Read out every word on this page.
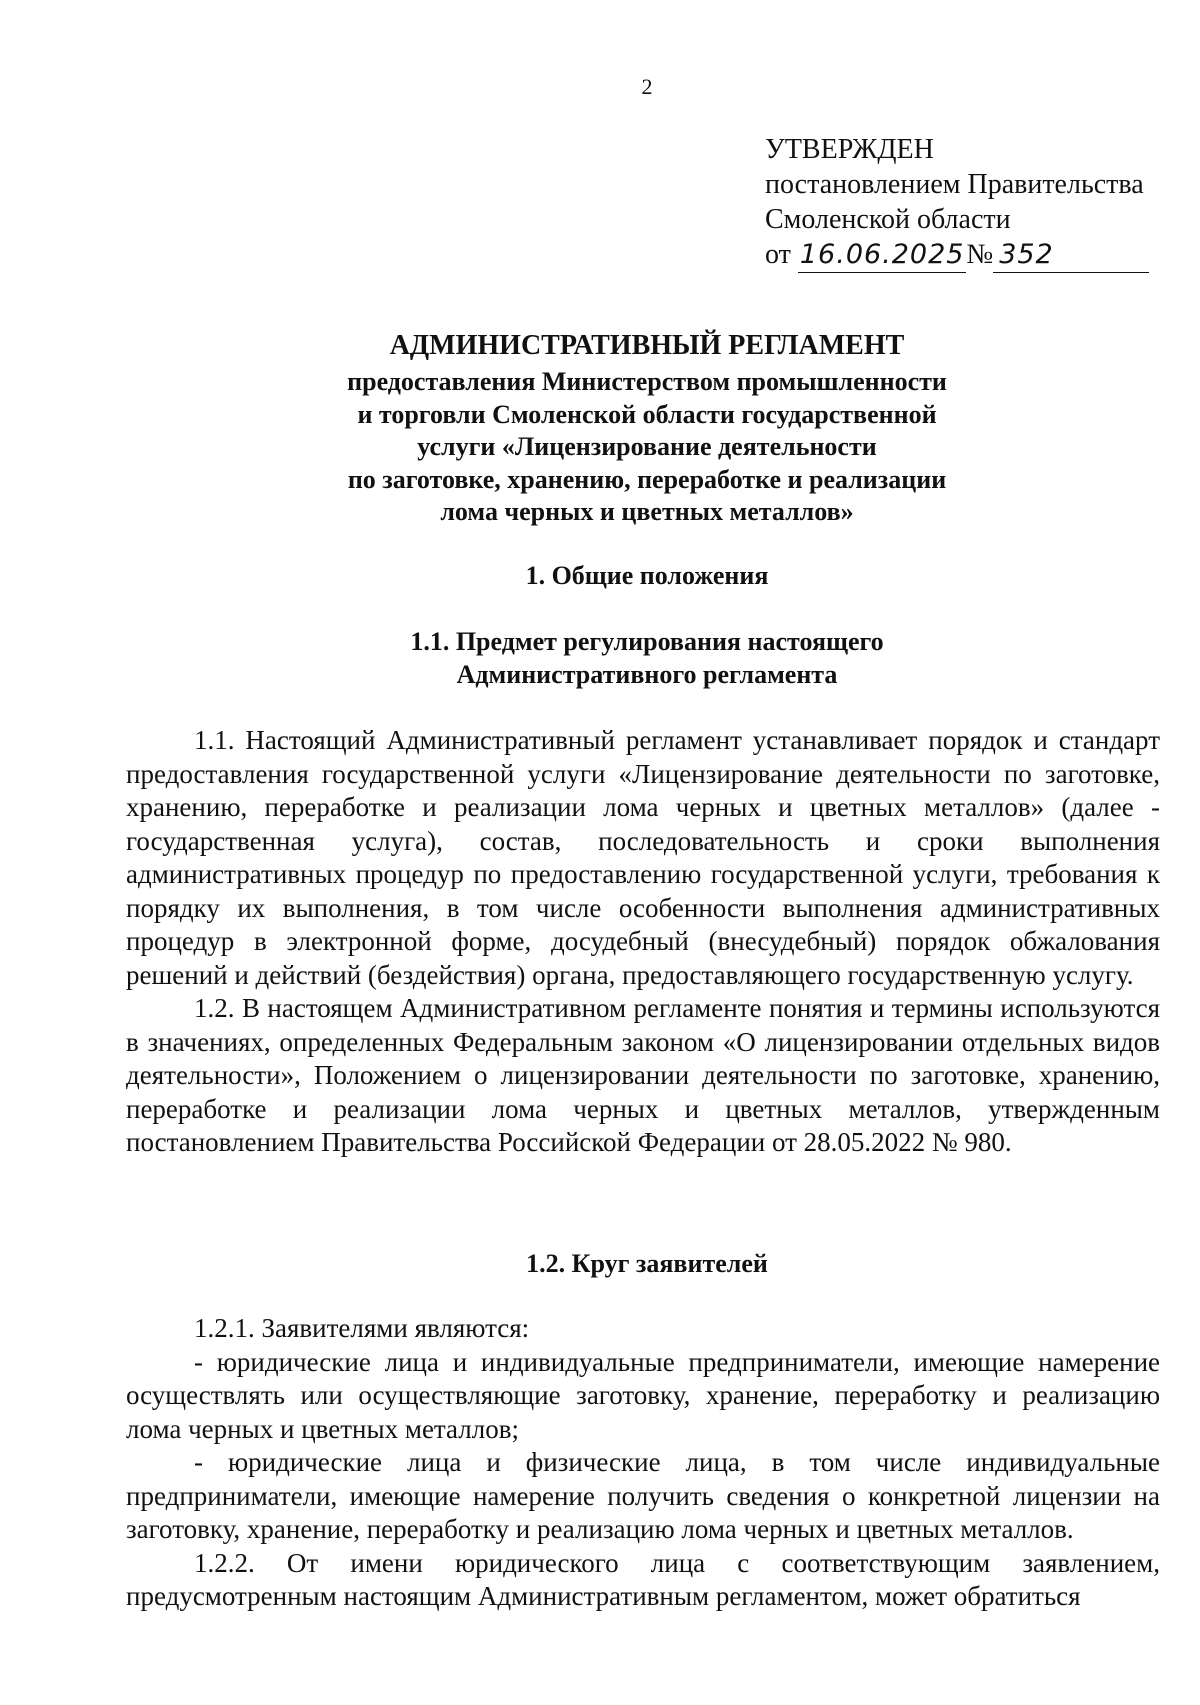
2
УТВЕРЖДЕН
постановлением Правительства
Смоленской области
от 16.06.2025№ 352
АДМИНИСТРАТИВНЫЙ РЕГЛАМЕНТ
предоставления Министерством промышленности
и торговли Смоленской области государственной
услуги «Лицензирование деятельности
по заготовке, хранению, переработке и реализации
лома черных и цветных металлов»
1. Общие положения
1.1. Предмет регулирования настоящего
Административного регламента

1.1. Настоящий Административный регламент устанавливает порядок и стандарт предоставления государственной услуги «Лицензирование деятельности по заготовке, хранению, переработке и реализации лома черных и цветных металлов» (далее - государственная услуга), состав, последовательность и сроки выполнения административных процедур по предоставлению государственной услуги, требования к порядку их выполнения, в том числе особенности выполнения административных процедур в электронной форме, досудебный (внесудебный) порядок обжалования решений и действий (бездействия) органа, предоставляющего государственную услугу.

1.2. В настоящем Административном регламенте понятия и термины используются в значениях, определенных Федеральным законом «О лицензировании отдельных видов деятельности», Положением о лицензировании деятельности по заготовке, хранению, переработке и реализации лома черных и цветных металлов, утвержденным постановлением Правительства Российской Федерации от 28.05.2022 № 980.

1.2. Круг заявителей

1.2.1. Заявителями являются:

- юридические лица и индивидуальные предприниматели, имеющие намерение осуществлять или осуществляющие заготовку, хранение, переработку и реализацию лома черных и цветных металлов;

- юридические лица и физические лица, в том числе индивидуальные предприниматели, имеющие намерение получить сведения о конкретной лицензии на заготовку, хранение, переработку и реализацию лома черных и цветных металлов.

1.2.2. От имени юридического лица с соответствующим заявлением, предусмотренным настоящим Административным регламентом, может обратиться
